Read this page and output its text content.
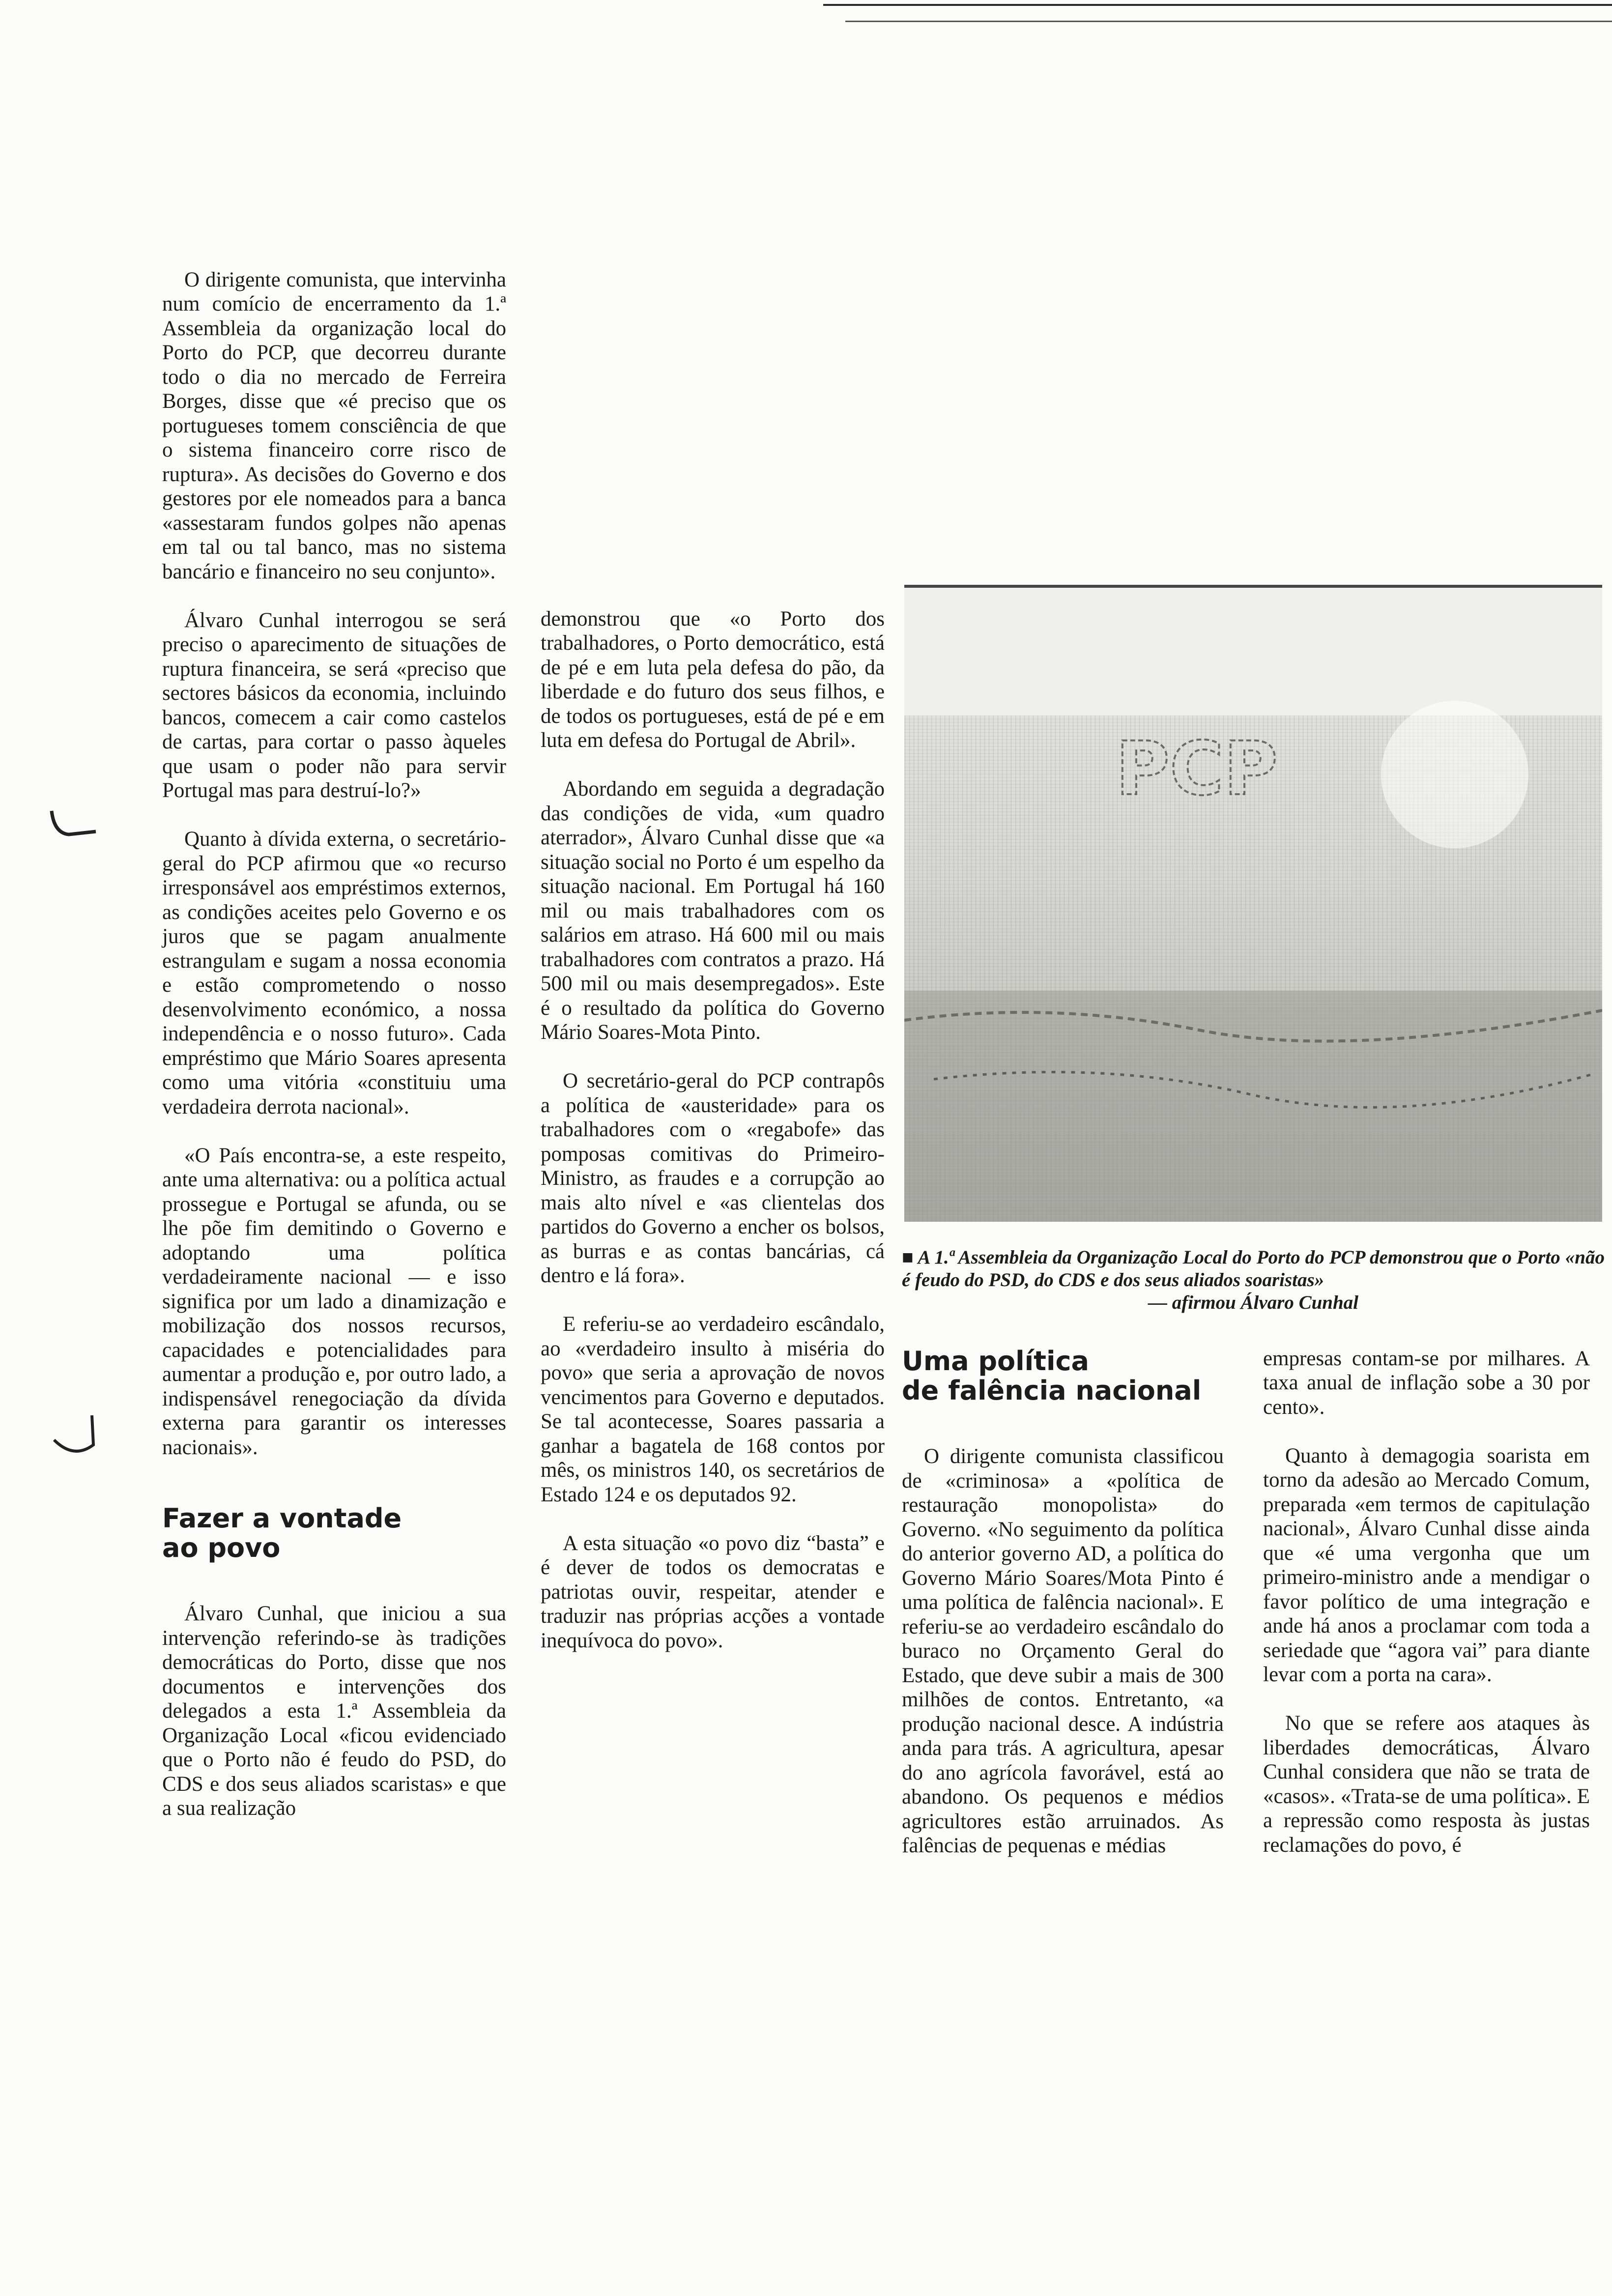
O dirigente comunista, que intervinha num comício de encerramento da 1.ª Assembleia da organização local do Porto do PCP, que decorreu durante todo o dia no mercado de Ferreira Borges, disse que «é preciso que os portugueses tomem consciência de que o sistema financeiro corre risco de ruptura». As decisões do Governo e dos gestores por ele nomeados para a banca «assestaram fundos golpes não apenas em tal ou tal banco, mas no sistema bancário e financeiro no seu conjunto».

Álvaro Cunhal interrogou se será preciso o aparecimento de situações de ruptura financeira, se será «preciso que sectores básicos da economia, incluindo bancos, comecem a cair como castelos de cartas, para cortar o passo àqueles que usam o poder não para servir Portugal mas para destruí-lo?»

Quanto à dívida externa, o secretário-geral do PCP afirmou que «o recurso irresponsável aos empréstimos externos, as condições aceites pelo Governo e os juros que se pagam anualmente estrangulam e sugam a nossa economia e estão comprometendo o nosso desenvolvimento económico, a nossa independência e o nosso futuro». Cada empréstimo que Mário Soares apresenta como uma vitória «constituiu uma verdadeira derrota nacional».

«O País encontra-se, a este respeito, ante uma alternativa: ou a política actual prossegue e Portugal se afunda, ou se lhe põe fim demitindo o Governo e adoptando uma política verdadeiramente nacional — e isso significa por um lado a dinamização e mobilização dos nossos recursos, capacidades e potencialidades para aumentar a produção e, por outro lado, a indispensável renegociação da dívida externa para garantir os interesses nacionais».

Fazer a vontade
ao povo

Álvaro Cunhal, que iniciou a sua intervenção referindo-se às tradições democráticas do Porto, disse que nos documentos e intervenções dos delegados a esta 1.ª Assembleia da Organização Local «ficou evidenciado que o Porto não é feudo do PSD, do CDS e dos seus aliados scaristas» e que a sua realização

demonstrou que «o Porto dos trabalhadores, o Porto democrático, está de pé e em luta pela defesa do pão, da liberdade e do futuro dos seus filhos, e de todos os portugueses, está de pé e em luta em defesa do Portugal de Abril».

Abordando em seguida a degradação das condições de vida, «um quadro aterrador», Álvaro Cunhal disse que «a situação social no Porto é um espelho da situação nacional. Em Portugal há 160 mil ou mais trabalhadores com os salários em atraso. Há 600 mil ou mais trabalhadores com contratos a prazo. Há 500 mil ou mais desempregados». Este é o resultado da política do Governo Mário Soares-Mota Pinto.

O secretário-geral do PCP contrapôs a política de «austeridade» para os trabalhadores com o «regabofe» das pomposas comitivas do Primeiro-Ministro, as fraudes e a corrupção ao mais alto nível e «as clientelas dos partidos do Governo a encher os bolsos, as burras e as contas bancárias, cá dentro e lá fora».

E referiu-se ao verdadeiro escândalo, ao «verdadeiro insulto à miséria do povo» que seria a aprovação de novos vencimentos para Governo e deputados. Se tal acontecesse, Soares passaria a ganhar a bagatela de 168 contos por mês, os ministros 140, os secretários de Estado 124 e os deputados 92.

A esta situação «o povo diz “basta” e é dever de todos os democratas e patriotas ouvir, respeitar, atender e traduzir nas próprias acções a vontade inequívoca do povo».

PCP

■ A 1.ª Assembleia da Organização Local do Porto do PCP demonstrou que o Porto «não é feudo do PSD, do CDS e dos seus aliados soaristas»

— afirmou Álvaro Cunhal

Uma política
de falência nacional

O dirigente comunista classificou de «criminosa» a «política de restauração monopolista» do Governo. «No seguimento da política do anterior governo AD, a política do Governo Mário Soares/Mota Pinto é uma política de falência nacional». E referiu-se ao verdadeiro escândalo do buraco no Orçamento Geral do Estado, que deve subir a mais de 300 milhões de contos. Entretanto, «a produção nacional desce. A indústria anda para trás. A agricultura, apesar do ano agrícola favorável, está ao abandono. Os pequenos e médios agricultores estão arruinados. As falências de pequenas e médias

empresas contam-se por milhares. A taxa anual de inflação sobe a 30 por cento».

Quanto à demagogia soarista em torno da adesão ao Mercado Comum, preparada «em termos de capitulação nacional», Álvaro Cunhal disse ainda que «é uma vergonha que um primeiro-ministro ande a mendigar o favor político de uma integração e ande há anos a proclamar com toda a seriedade que “agora vai” para diante levar com a porta na cara».

No que se refere aos ataques às liberdades democráticas, Álvaro Cunhal considera que não se trata de «casos». «Trata-se de uma política». E a repressão como resposta às justas reclamações do povo, é
